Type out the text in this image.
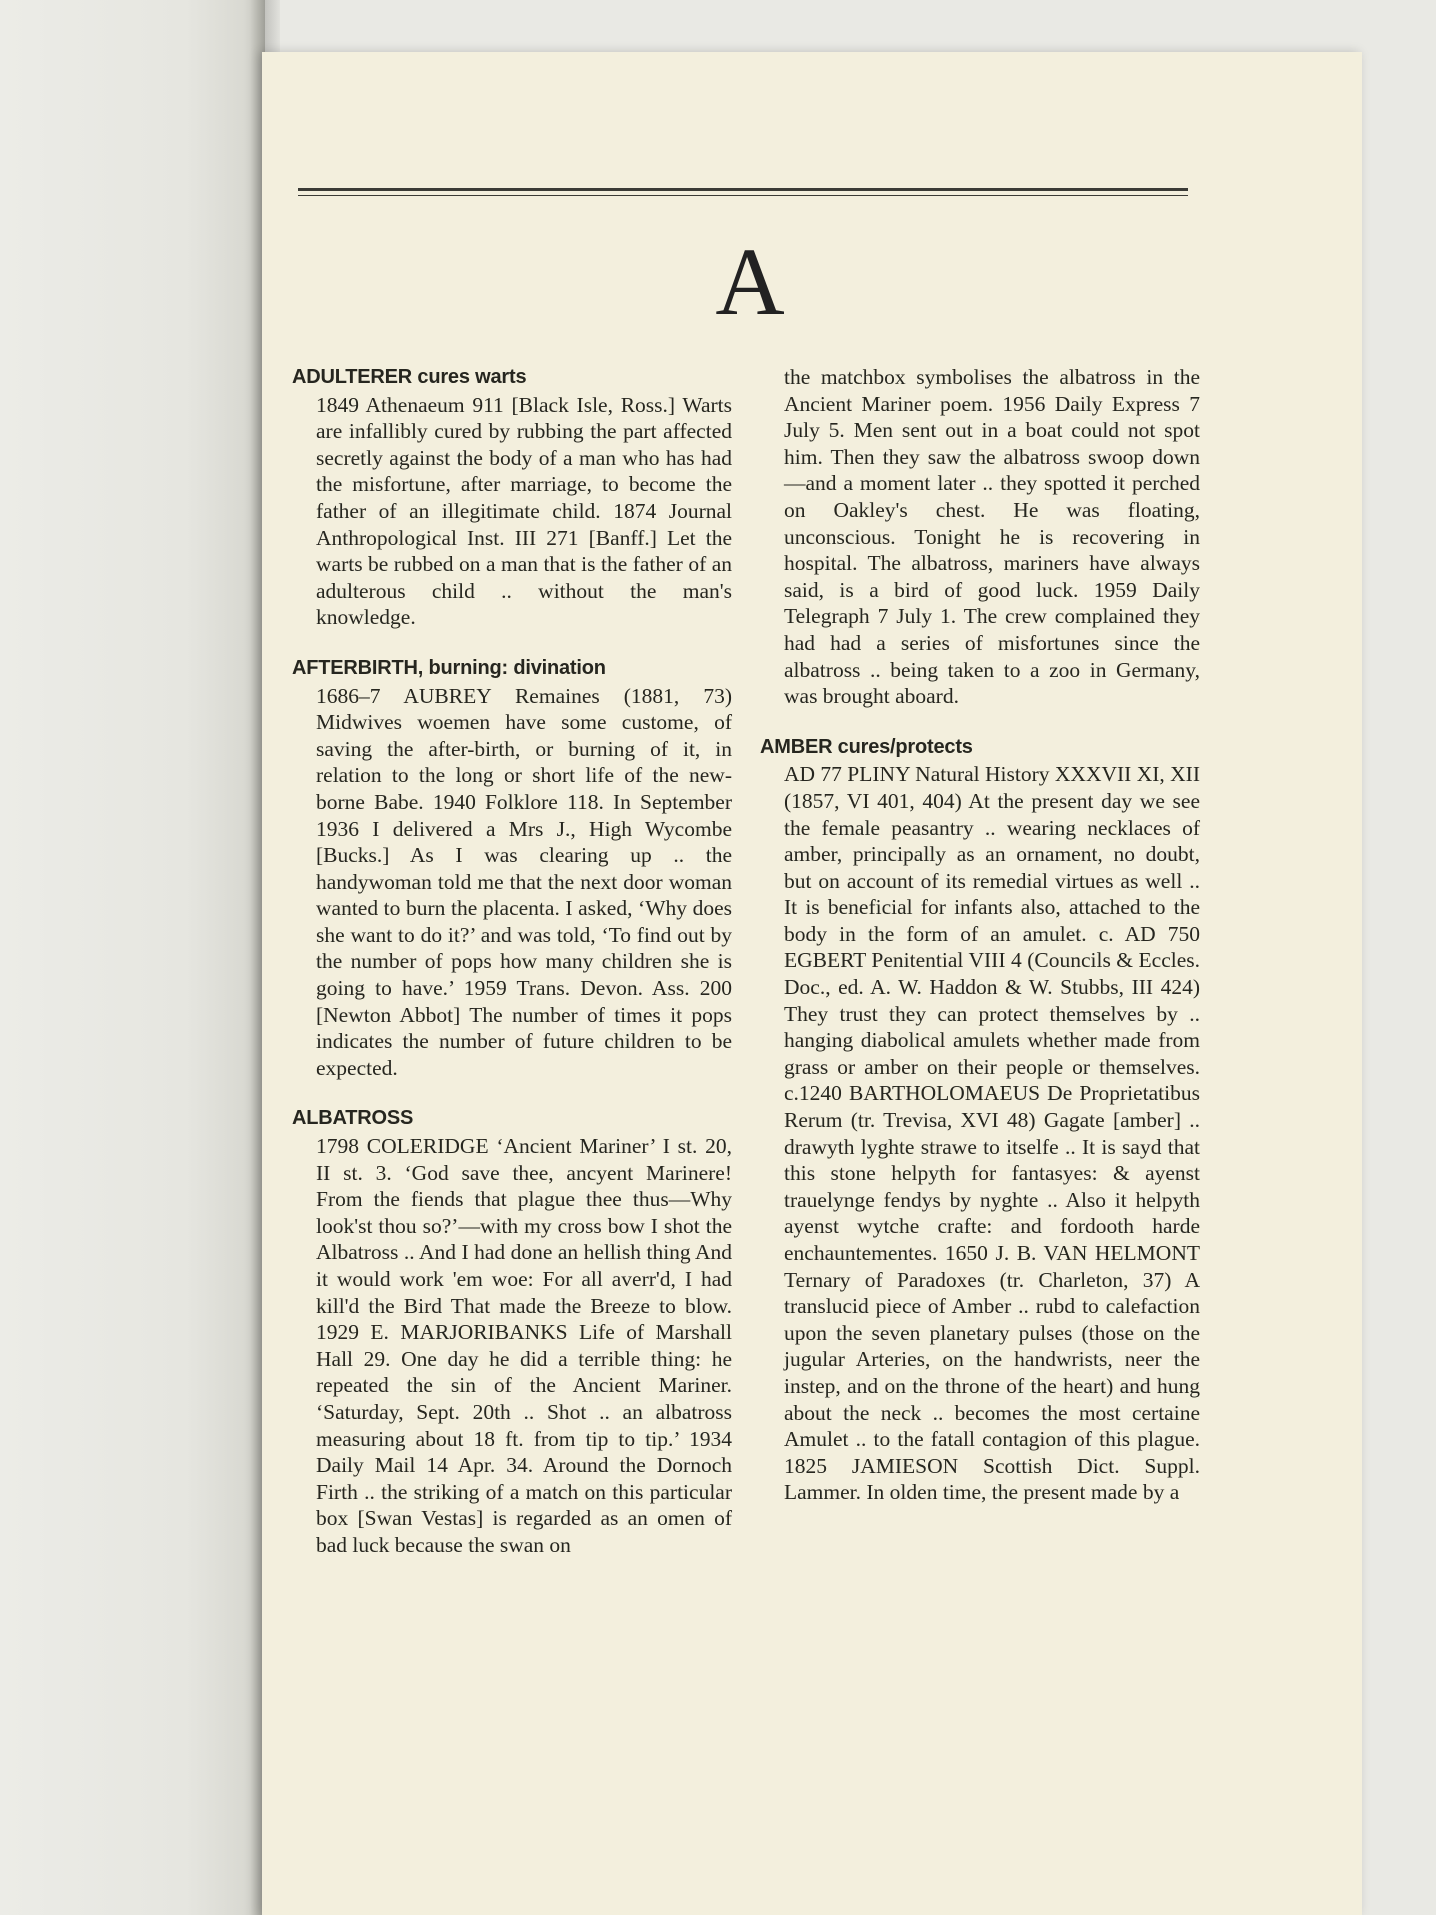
A
ADULTERER cures warts
1849 Athenaeum 911 [Black Isle, Ross.] Warts are infallibly cured by rubbing the part affected secretly against the body of a man who has had the misfortune, after marriage, to become the father of an illegitimate child. 1874 Journal Anthropological Inst. III 271 [Banff.] Let the warts be rubbed on a man that is the father of an adulterous child .. without the man's knowledge.
AFTERBIRTH, burning: divination
1686–7 AUBREY Remaines (1881, 73) Midwives woemen have some custome, of saving the after-birth, or burning of it, in relation to the long or short life of the new-borne Babe. 1940 Folklore 118. In September 1936 I delivered a Mrs J., High Wycombe [Bucks.] As I was clearing up .. the handywoman told me that the next door woman wanted to burn the placenta. I asked, ‘Why does she want to do it?’ and was told, ‘To find out by the number of pops how many children she is going to have.’ 1959 Trans. Devon. Ass. 200 [Newton Abbot] The number of times it pops indicates the number of future children to be expected.
ALBATROSS
1798 COLERIDGE ‘Ancient Mariner’ I st. 20, II st. 3. ‘God save thee, ancyent Marinere! From the fiends that plague thee thus—Why look'st thou so?’—with my cross bow I shot the Albatross .. And I had done an hellish thing And it would work 'em woe: For all averr'd, I had kill'd the Bird That made the Breeze to blow. 1929 E. MARJORIBANKS Life of Marshall Hall 29. One day he did a terrible thing: he repeated the sin of the Ancient Mariner. ‘Saturday, Sept. 20th .. Shot .. an albatross measuring about 18 ft. from tip to tip.’ 1934 Daily Mail 14 Apr. 34. Around the Dornoch Firth .. the striking of a match on this particular box [Swan Vestas] is regarded as an omen of bad luck because the swan on
the matchbox symbolises the albatross in the Ancient Mariner poem. 1956 Daily Express 7 July 5. Men sent out in a boat could not spot him. Then they saw the albatross swoop down—and a moment later .. they spotted it perched on Oakley's chest. He was floating, unconscious. Tonight he is recovering in hospital. The albatross, mariners have always said, is a bird of good luck. 1959 Daily Telegraph 7 July 1. The crew complained they had had a series of misfortunes since the albatross .. being taken to a zoo in Germany, was brought aboard.
AMBER cures/protects
AD 77 PLINY Natural History XXXVII XI, XII (1857, VI 401, 404) At the present day we see the female peasantry .. wearing necklaces of amber, principally as an ornament, no doubt, but on account of its remedial virtues as well .. It is beneficial for infants also, attached to the body in the form of an amulet. c. AD 750 EGBERT Penitential VIII 4 (Councils & Eccles. Doc., ed. A. W. Haddon & W. Stubbs, III 424) They trust they can protect themselves by .. hanging diabolical amulets whether made from grass or amber on their people or themselves. c.1240 BARTHOLOMAEUS De Proprietatibus Rerum (tr. Trevisa, XVI 48) Gagate [amber] .. drawyth lyghte strawe to itselfe .. It is sayd that this stone helpyth for fantasyes: & ayenst trauelynge fendys by nyghte .. Also it helpyth ayenst wytche crafte: and fordooth harde enchauntementes. 1650 J. B. VAN HELMONT Ternary of Paradoxes (tr. Charleton, 37) A translucid piece of Amber .. rubd to calefaction upon the seven planetary pulses (those on the jugular Arteries, on the handwrists, neer the instep, and on the throne of the heart) and hung about the neck .. becomes the most certaine Amulet .. to the fatall contagion of this plague. 1825 JAMIESON Scottish Dict. Suppl. Lammer. In olden time, the present made by a
